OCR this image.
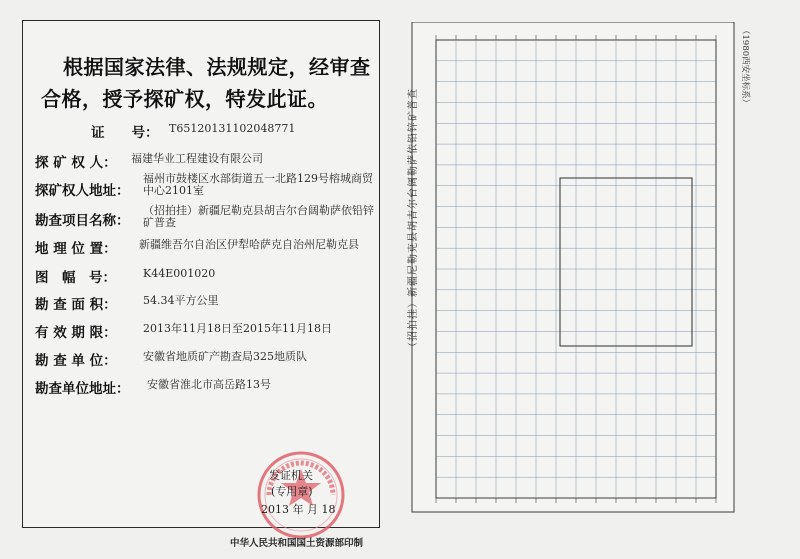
根据国家法律、法规规定，经审查
合格，授予探矿权，特发此证。
证　　号： T65120131102048771
探 矿 权 人： 福建华业工程建设有限公司
探矿权人地址：
福州市鼓楼区水部街道五一北路129号榕城商贸中心2101室
勘查项目名称：
（招拍挂）新疆尼勒克县胡吉尔台阔勒萨依铅锌矿普查
地 理 位 置： 新疆维吾尔自治区伊犁哈萨克自治州尼勒克县
图　幅　号： K44E001020
勘 查 面 积： 54.34平方公里
有 效 期 限： 2013年11月18日至2015年11月18日
勘 查 单 位： 安徽省地质矿产勘查局325地质队
勘查单位地址： 安徽省淮北市高岳路13号
发证机关
(专用章)
2013 年 月 18
中华人民共和国国土资源部印制
（招拍挂）新疆尼勒克县胡吉尔台阔勒萨依铅锌矿普查
（1980西安坐标系）
